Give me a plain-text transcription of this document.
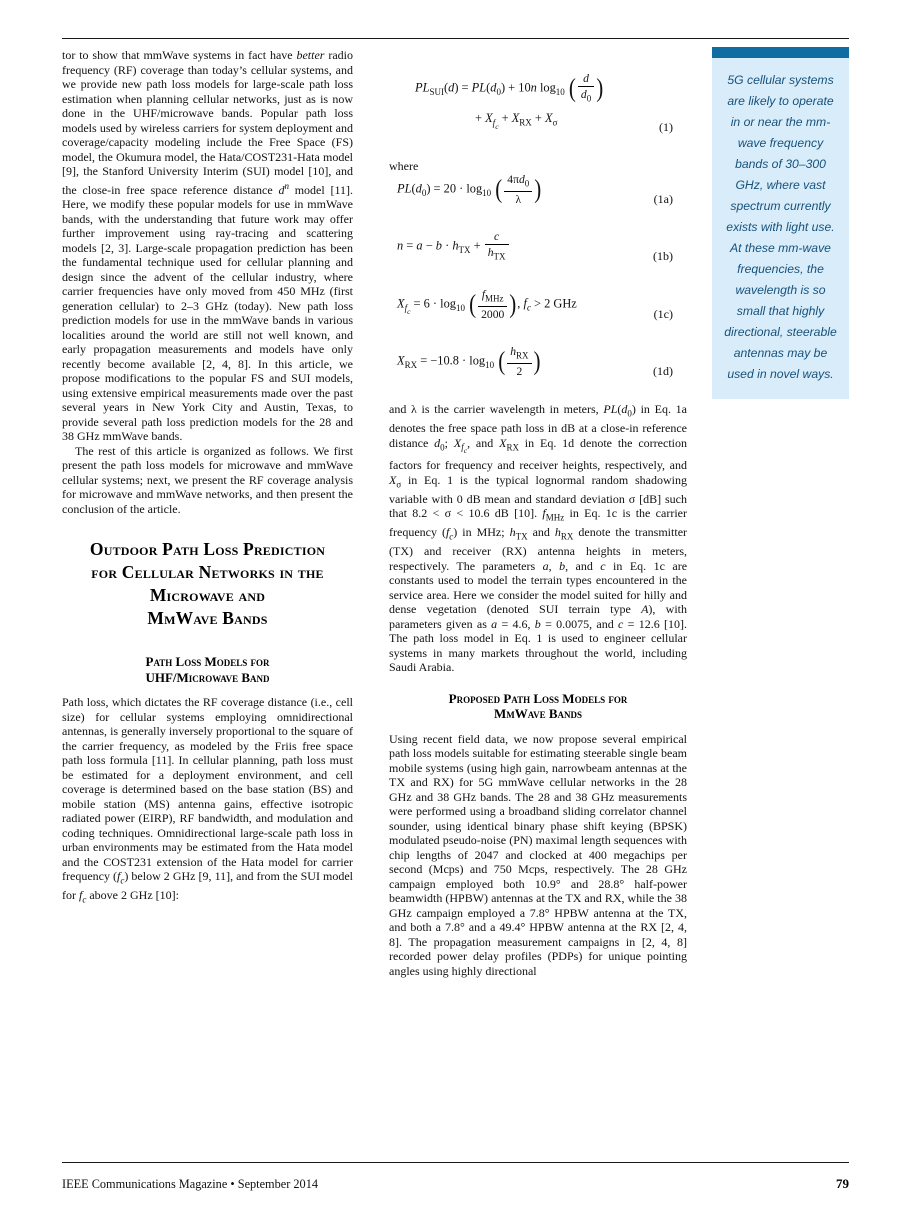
tor to show that mmWave systems in fact have better radio frequency (RF) coverage than today’s cellular systems, and we provide new path loss models for large-scale path loss estimation when planning cellular networks, just as is now done in the UHF/microwave bands. Popular path loss models used by wireless carriers for system deployment and coverage/capacity modeling include the Free Space (FS) model, the Okumura model, the Hata/COST231-Hata model [9], the Stanford University Interim (SUI) model [10], and the close-in free space reference distance $d^n$ model [11]. Here, we modify these popular models for use in mmWave bands, with the understanding that future work may offer further improvement using ray-tracing and scattering models [2, 3]. Large-scale propagation prediction has been the fundamental technique used for cellular planning and design since the advent of the cellular industry, where carrier frequencies have only moved from 450 MHz (first generation cellular) to 2–3 GHz (today). New path loss prediction models for use in the mmWave bands in various localities around the world are still not well known, and early propagation measurements and models have only recently become available [2, 4, 8]. In this article, we propose modifications to the popular FS and SUI models, using extensive empirical measurements made over the past several years in New York City and Austin, Texas, to provide several path loss prediction models for the 28 and 38 GHz mmWave bands.

The rest of this article is organized as follows. We first present the path loss models for microwave and mmWave cellular systems; next, we present the RF coverage analysis for microwave and mmWave networks, and then present the conclusion of the article.

Outdoor Path Loss Prediction
for Cellular Networks in the
Microwave and
MmWave Bands
Path Loss Models for
UHF/Microwave Band

Path loss, which dictates the RF coverage distance (i.e., cell size) for cellular systems employing omnidirectional antennas, is generally inversely proportional to the square of the carrier frequency, as modeled by the Friis free space path loss formula [11]. In cellular planning, path loss must be estimated for a deployment environment, and cell coverage is determined based on the base station (BS) and mobile station (MS) antenna gains, effective isotropic radiated power (EIRP), RF bandwidth, and modulation and coding techniques. Omnidirectional large-scale path loss in urban environments may be estimated from the Hata model and the COST231 extension of the Hata model for carrier frequency $(f_c)$ below 2 GHz [9, 11], and from the SUI model for $f_c$ above 2 GHz [10]:

$PL_{SUI}(d) = PL(d_0) + 10n$ $\log_{10}$ ( $\frac{d}{d_0}$ )
+ $X_{f_c} + X_{RX} + X_\sigma$	(1)

where

$PL(d_0) = 20 \cdot \log_{10}$ ( $\frac{4\pi d_0}{\lambda}$ )	(1a)
$n = a - b \cdot h_{TX} + \frac{c}{h_{TX}}$	(1b)
$X_{f_c} = 6 \cdot \log_{10}$ ( $\frac{f_{MHz}}{2000}$ ), $f_c > 2$ GHz
(1c)
$X_{RX} = -10.8 \cdot \log_{10}$ ( $\frac{h_{RX}}{2}$ )	(1d)

and λ is the carrier wavelength in meters, $PL(d_0)$ in Eq. 1a denotes the free space path loss in dB at a close-in reference distance $d_0$; $X_{f_c}$, and $X_{RX}$ in Eq. 1d denote the correction factors for frequency and receiver heights, respectively, and $X_\sigma$ in Eq. 1 is the typical lognormal random shadowing variable with 0 dB mean and standard deviation σ [dB] such that 8.2 < σ < 10.6 dB [10]. $f_{MHz}$ in Eq. 1c is the carrier frequency $(f_c)$ in MHz; $h_{TX}$ and $h_{RX}$ denote the transmitter (TX) and receiver (RX) antenna heights in meters, respectively. The parameters a, b, and c in Eq. 1c are constants used to model the terrain types encountered in the service area. Here we consider the model suited for hilly and dense vegetation (denoted SUI terrain type A), with parameters given as a = 4.6, b = 0.0075, and c = 12.6 [10]. The path loss model in Eq. 1 is used to engineer cellular systems in many markets throughout the world, including Saudi Arabia.

Proposed Path Loss Models for
MmWave Bands

Using recent field data, we now propose several empirical path loss models suitable for estimating steerable single beam mobile systems (using high gain, narrowbeam antennas at the TX and RX) for 5G mmWave cellular networks in the 28 GHz and 38 GHz bands. The 28 and 38 GHz measurements were performed using a broadband sliding correlator channel sounder, using identical binary phase shift keying (BPSK) modulated pseudo-noise (PN) maximal length sequences with chip lengths of 2047 and clocked at 400 megachips per second (Mcps) and 750 Mcps, respectively. The 28 GHz campaign employed both 10.9° and 28.8° half-power beamwidth (HPBW) antennas at the TX and RX, while the 38 GHz campaign employed a 7.8° HPBW antenna at the TX, and both a 7.8° and a 49.4° HPBW antenna at the RX [2, 4, 8]. The propagation measurement campaigns in [2, 4, 8] recorded power delay profiles (PDPs) for unique pointing angles using highly directional

5G cellular systems are likely to operate in or near the mm-wave frequency bands of 30–300 GHz, where vast spectrum currently exists with light use. At these mm-wave frequencies, the wavelength is so small that highly directional, steerable antennas may be used in novel ways.
IEEE Communications Magazine • September 2014	79
